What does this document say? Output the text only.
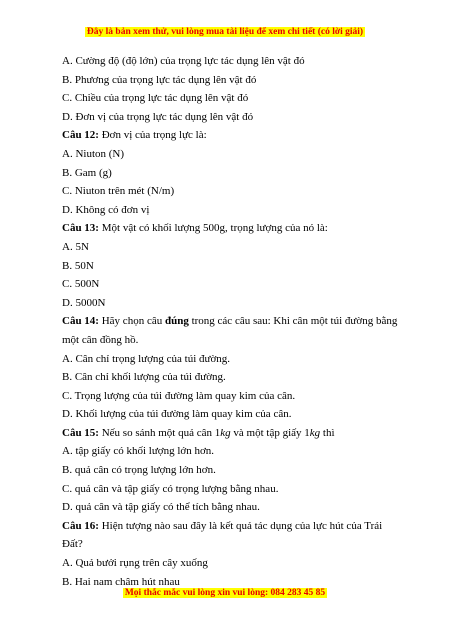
Đây là bản xem thử, vui lòng mua tài liệu để xem chi tiết (có lời giải)
A. Cường độ (độ lớn) của trọng lực tác dụng lên vật đó
B. Phương của trọng lực tác dụng lên vật đó
C. Chiều của trọng lực tác dụng lên vật đó
D. Đơn vị của trọng lực tác dụng lên vật đó
Câu 12: Đơn vị của trọng lực là:
A. Niuton (N)
B. Gam (g)
C. Niuton trên mét (N/m)
D. Không có đơn vị
Câu 13: Một vật có khối lượng 500g, trọng lượng của nó là:
A. 5N
B. 50N
C. 500N
D. 5000N
Câu 14: Hãy chọn câu đúng trong các câu sau: Khi cân một túi đường bằng
một cân đồng hồ.
A. Cân chỉ trọng lượng của túi đường.
B. Cân chỉ khối lượng của túi đường.
C. Trọng lượng của túi đường làm quay kim của cân.
D. Khối lượng của túi đường làm quay kim của cân.
Câu 15: Nếu so sánh một quả cân 1kg và một tập giấy 1kg thì
A. tập giấy có khối lượng lớn hơn.
B. quả cân có trọng lượng lớn hơn.
C. quả cân và tập giấy có trọng lượng bằng nhau.
D. quả cân và tập giấy có thể tích bằng nhau.
Câu 16: Hiện tượng nào sau đây là kết quả tác dụng của lực hút của Trái
Đất?
A. Quả bưởi rụng trên cây xuống
B. Hai nam châm hút nhau
Mọi thắc mắc vui lòng xin vui lòng: 084 283 45 85
